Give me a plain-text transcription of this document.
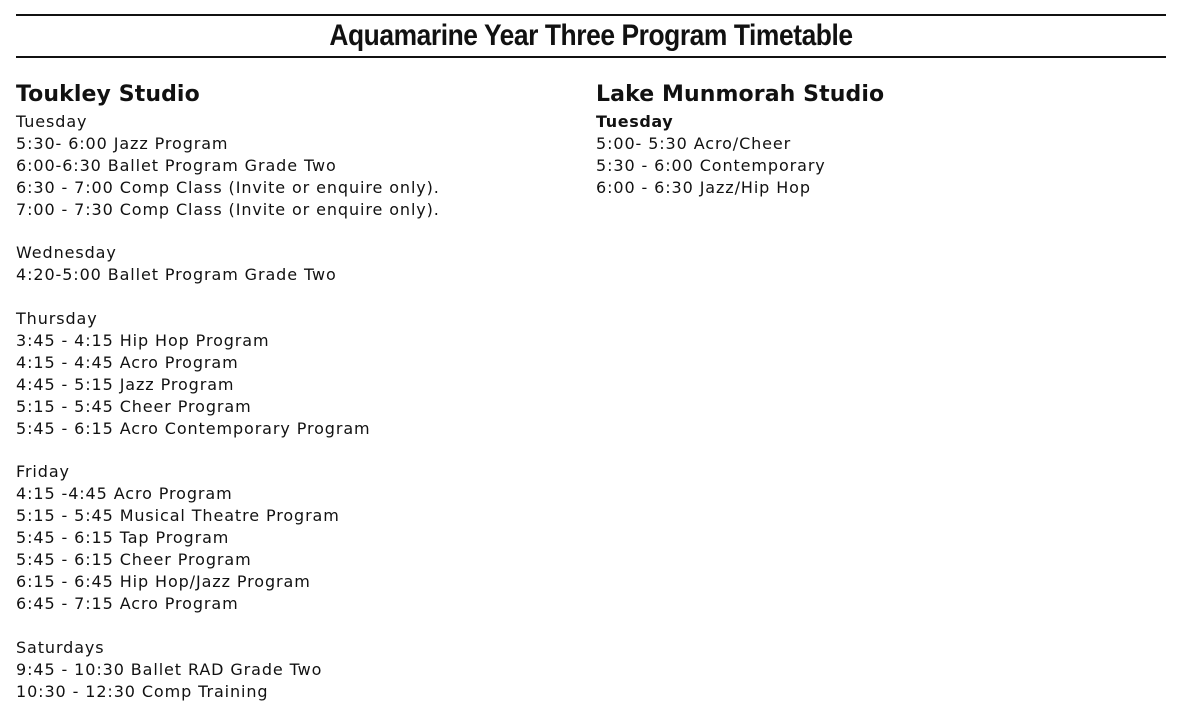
Aquamarine Year Three Program Timetable
Toukley Studio
Tuesday
5:30- 6:00 Jazz Program
6:00-6:30 Ballet Program Grade Two
6:30 - 7:00 Comp Class (Invite or enquire only).
7:00 - 7:30 Comp Class (Invite or enquire only).
Wednesday
4:20-5:00 Ballet Program Grade Two
Thursday
3:45 - 4:15 Hip Hop Program
4:15 - 4:45 Acro Program
4:45 - 5:15 Jazz Program
5:15 - 5:45 Cheer Program
5:45 - 6:15 Acro Contemporary Program
Friday
4:15 -4:45 Acro Program
5:15 - 5:45 Musical Theatre Program
5:45 - 6:15 Tap Program
5:45 - 6:15 Cheer Program
6:15 - 6:45 Hip Hop/Jazz Program
6:45 - 7:15 Acro Program
Saturdays
9:45 - 10:30 Ballet RAD Grade Two
10:30 - 12:30 Comp Training
Lake Munmorah Studio
Tuesday
5:00- 5:30 Acro/Cheer
5:30 - 6:00 Contemporary
6:00 - 6:30 Jazz/Hip Hop
